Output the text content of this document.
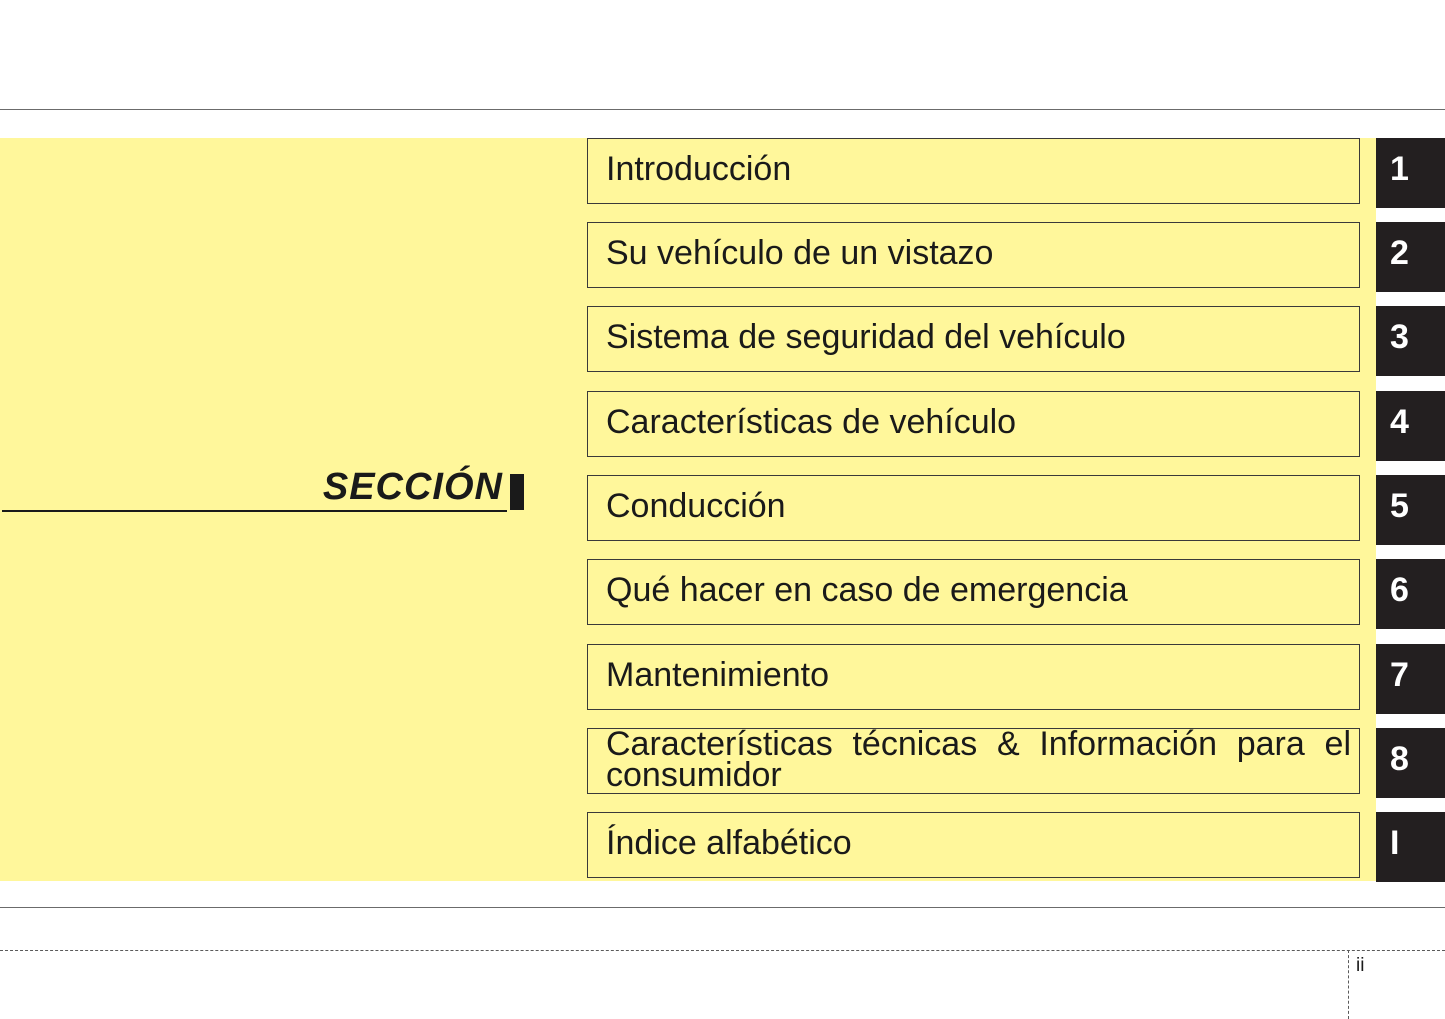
SECCIÓN
Introducción	1
Su vehículo de un vistazo	2
Sistema de seguridad del vehículo	3
Características de vehículo	4
Conducción	5
Qué hacer en caso de emergencia	6
Mantenimiento	7
Características técnicas & Información para el consumidor	8
Índice alfabético	I
ii
